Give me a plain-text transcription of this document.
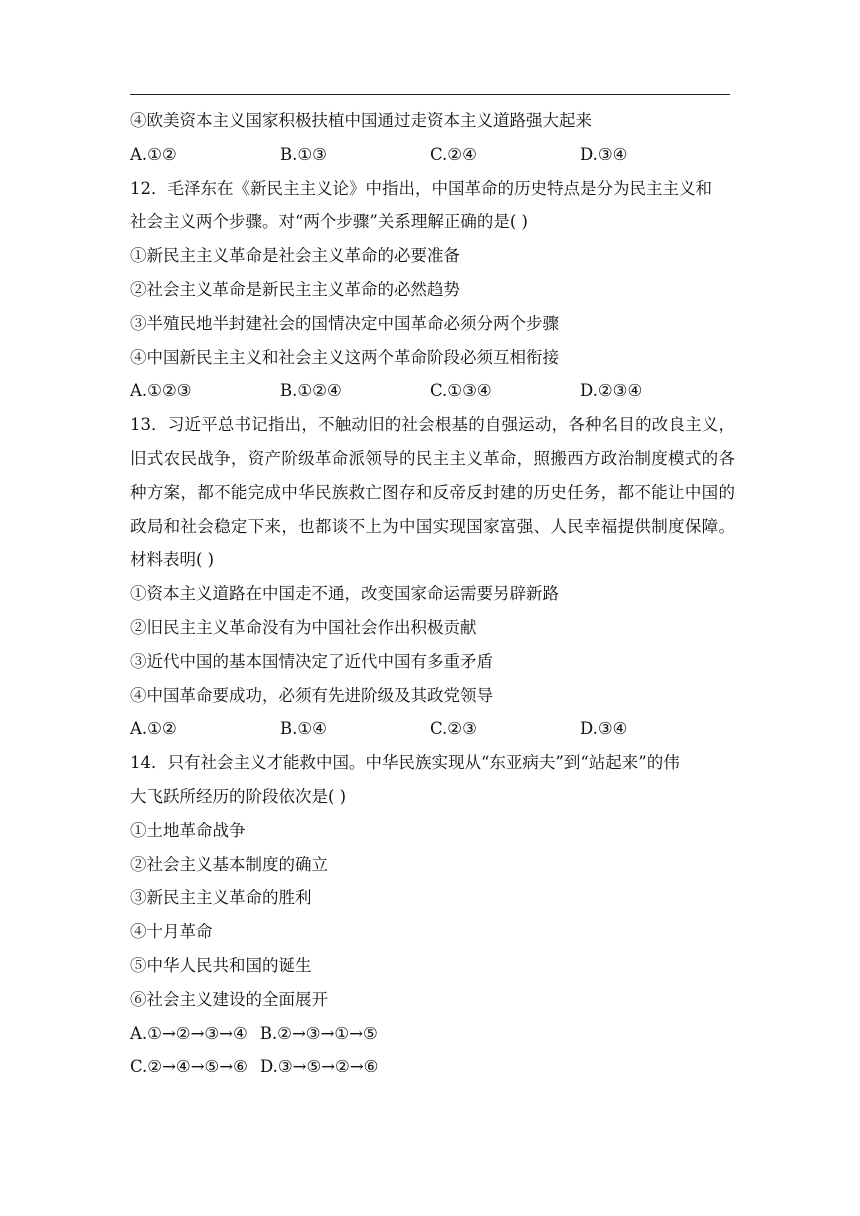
④欧美资本主义国家积极扶植中国通过走资本主义道路强大起来
A.①②	B.①③	C.②④	D.③④
12．毛泽东在《新民主主义论》中指出，中国革命的历史特点是分为民主主义和
社会主义两个步骤。对“两个步骤”关系理解正确的是( )
①新民主主义革命是社会主义革命的必要准备
②社会主义革命是新民主主义革命的必然趋势
③半殖民地半封建社会的国情决定中国革命必须分两个步骤
④中国新民主主义和社会主义这两个革命阶段必须互相衔接
A.①②③	B.①②④	C.①③④	D.②③④
13．习近平总书记指出，不触动旧的社会根基的自强运动，各种名目的改良主义，旧式农民战争，资产阶级革命派领导的民主主义革命，照搬西方政治制度模式的各种方案，都不能完成中华民族救亡图存和反帝反封建的历史任务，都不能让中国的政局和社会稳定下来，也都谈不上为中国实现国家富强、人民幸福提供制度保障。材料表明( )
①资本主义道路在中国走不通，改变国家命运需要另辟新路
②旧民主主义革命没有为中国社会作出积极贡献
③近代中国的基本国情决定了近代中国有多重矛盾
④中国革命要成功，必须有先进阶级及其政党领导
A.①②	B.①④	C.②③	D.③④
14．只有社会主义才能救中国。中华民族实现从“东亚病夫”到“站起来”的伟
大飞跃所经历的阶段依次是( )
①土地革命战争
②社会主义基本制度的确立
③新民主主义革命的胜利
④十月革命
⑤中华人民共和国的诞生
⑥社会主义建设的全面展开
A.①→②→③→④ B.②→③→①→⑤
C.②→④→⑤→⑥ D.③→⑤→②→⑥
